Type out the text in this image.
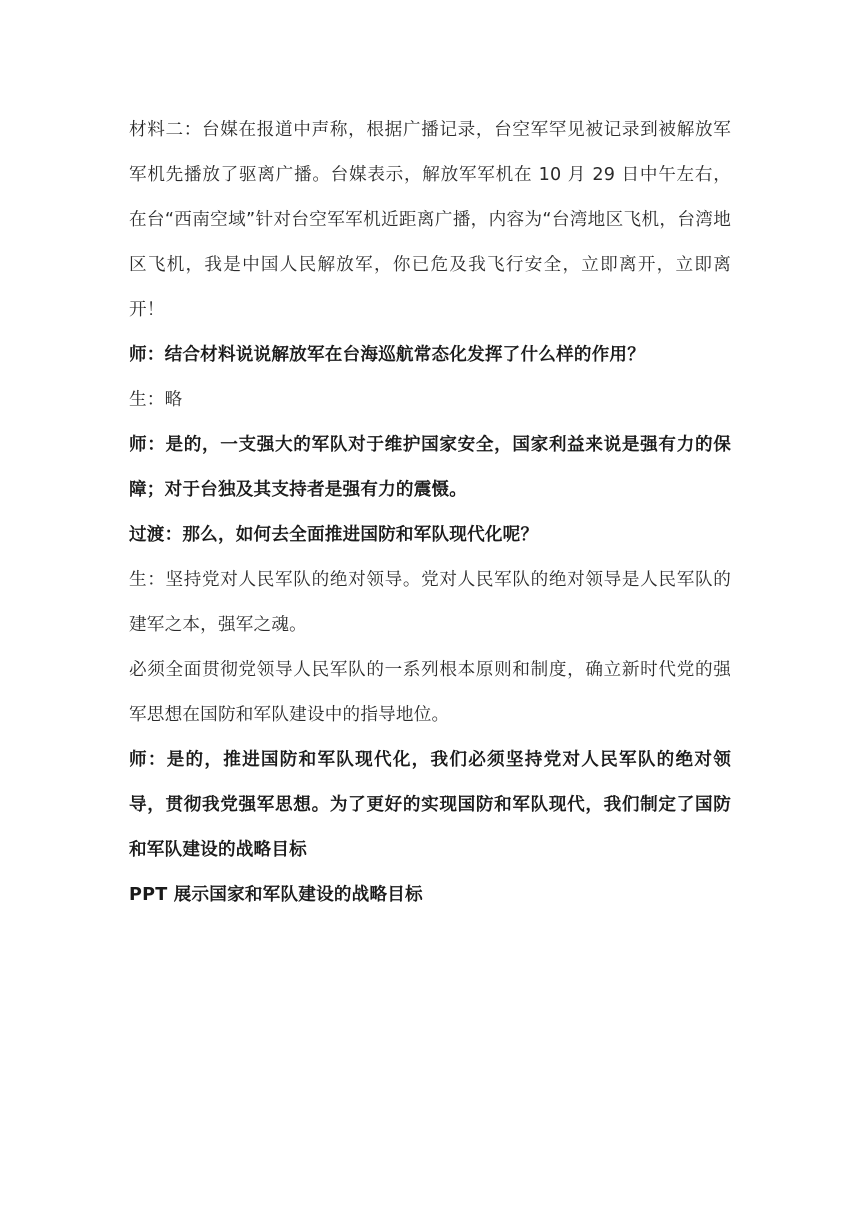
材料二：台媒在报道中声称，根据广播记录，台空军罕见被记录到被解放军军机先播放了驱离广播。台媒表示，解放军军机在 10 月 29 日中午左右，在台“西南空域”针对台空军军机近距离广播，内容为“台湾地区飞机，台湾地区飞机，我是中国人民解放军，你已危及我飞行安全，立即离开，立即离开！

师：结合材料说说解放军在台海巡航常态化发挥了什么样的作用？

生：略

师：是的，一支强大的军队对于维护国家安全，国家利益来说是强有力的保障；对于台独及其支持者是强有力的震慑。

过渡：那么，如何去全面推进国防和军队现代化呢？

生：坚持党对人民军队的绝对领导。党对人民军队的绝对领导是人民军队的建军之本，强军之魂。

必须全面贯彻党领导人民军队的一系列根本原则和制度，确立新时代党的强军思想在国防和军队建设中的指导地位。

师：是的，推进国防和军队现代化，我们必须坚持党对人民军队的绝对领导，贯彻我党强军思想。为了更好的实现国防和军队现代，我们制定了国防和军队建设的战略目标

PPT 展示国家和军队建设的战略目标
